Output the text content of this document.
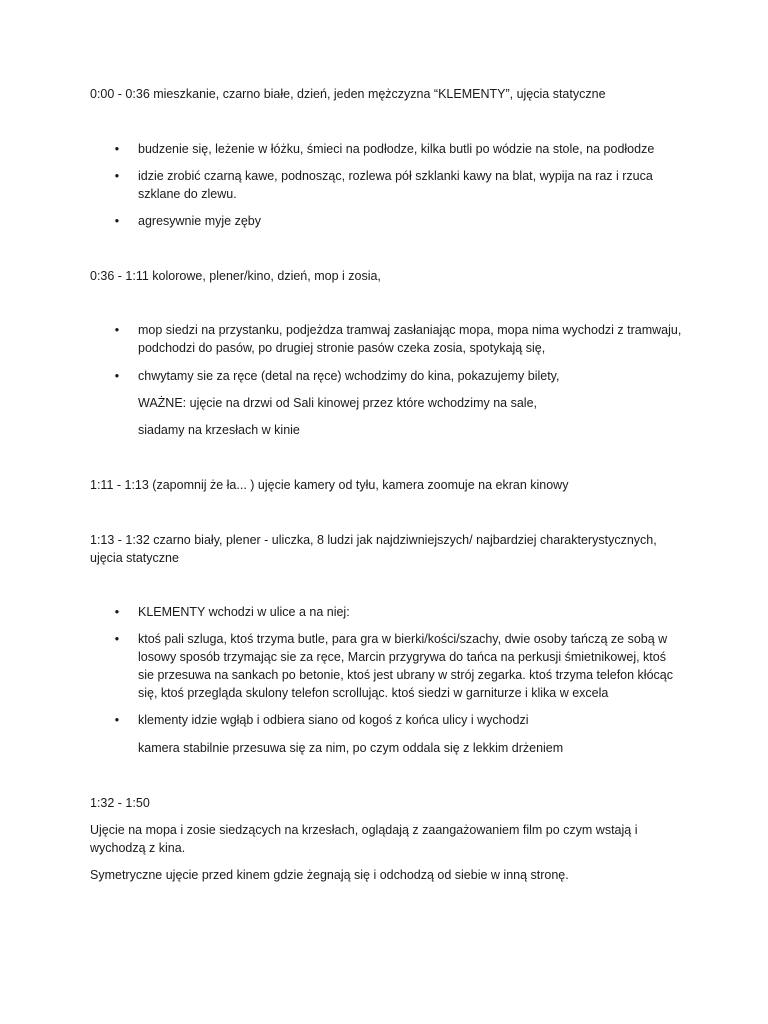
0:00 - 0:36 mieszkanie, czarno białe, dzień, jeden mężczyzna “KLEMENTY”, ujęcia statyczne

• budzenie się, leżenie w łóżku, śmieci na podłodze, kilka butli po wódzie na stole, na podłodze

• idzie zrobić czarną kawe, podnosząc, rozlewa pół szklanki kawy na blat, wypija na raz i rzuca szklane do zlewu.

• agresywnie myje zęby

0:36 - 1:11 kolorowe, plener/kino, dzień, mop i zosia,

• mop siedzi na przystanku, podjeżdza tramwaj zasłaniając mopa, mopa nima wychodzi z tramwaju, podchodzi do pasów, po drugiej stronie pasów czeka zosia, spotykają się,

• chwytamy sie za ręce (detal na ręce) wchodzimy do kina, pokazujemy bilety,

WAŻNE: ujęcie na drzwi od Sali kinowej przez które wchodzimy na sale,

siadamy na krzesłach w kinie

1:11 - 1:13 (zapomnij że ła... ) ujęcie kamery od tyłu, kamera zoomuje na ekran kinowy

1:13 - 1:32 czarno biały, plener - uliczka, 8 ludzi jak najdziwniejszych/ najbardziej charakterystycznych, ujęcia statyczne

• KLEMENTY wchodzi w ulice a na niej:

• ktoś pali szluga, ktoś trzyma butle, para gra w bierki/kości/szachy, dwie osoby tańczą ze sobą w losowy sposób trzymając sie za ręce, Marcin przygrywa do tańca na perkusji śmietnikowej, ktoś sie przesuwa na sankach po betonie, ktoś jest ubrany w strój zegarka. ktoś trzyma telefon kłócąc się, ktoś przegląda skulony telefon scrollując. ktoś siedzi w garniturze i klika w excela

• klementy idzie wgłąb i odbiera siano od kogoś z końca ulicy i wychodzi

kamera stabilnie przesuwa się za nim, po czym oddala się z lekkim drżeniem

1:32 - 1:50

Ujęcie na mopa i zosie siedzących na krzesłach, oglądają z zaangażowaniem film po czym wstają i wychodzą z kina.

Symetryczne ujęcie przed kinem gdzie żegnają się i odchodzą od siebie w inną stronę.
